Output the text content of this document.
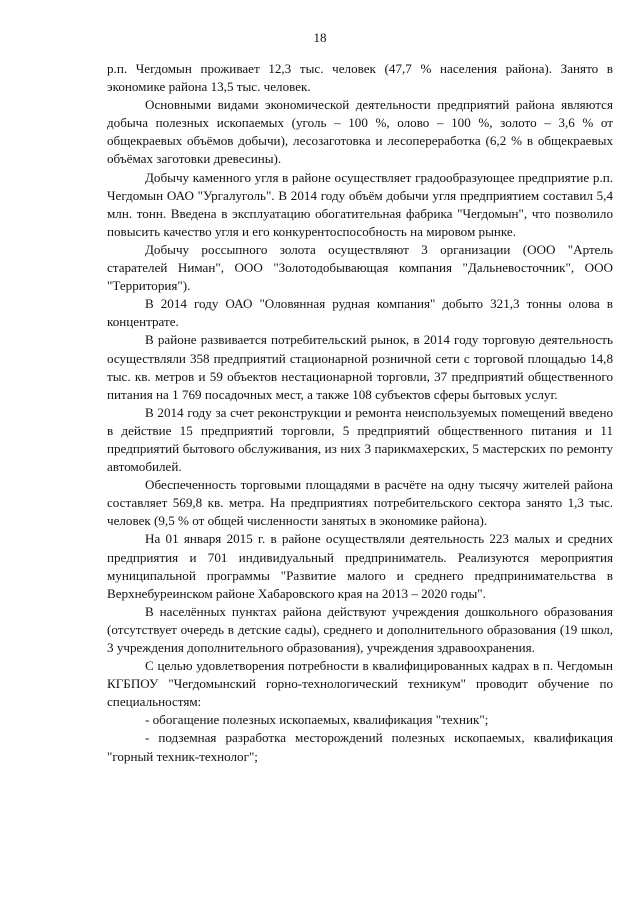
18

р.п. Чегдомын проживает 12,3 тыс. человек (47,7 % населения района). Занято в экономике района 13,5 тыс. человек.

Основными видами экономической деятельности предприятий района являются добыча полезных ископаемых (уголь – 100 %, олово – 100 %, золото – 3,6 % от общекраевых объёмов добычи), лесозаготовка и лесопереработка (6,2 % в общекраевых объёмах заготовки древесины).

Добычу каменного угля в районе осуществляет градообразующее предприятие р.п. Чегдомын ОАО "Ургалуголь". В 2014 году объём добычи угля предприятием составил 5,4 млн. тонн. Введена в эксплуатацию обогатительная фабрика "Чегдомын", что позволило повысить качество угля и его конкурентоспособность на мировом рынке.

Добычу россыпного золота осуществляют 3 организации (ООО "Артель старателей Ниман", ООО "Золотодобывающая компания "Дальневосточник", ООО "Территория").

В 2014 году ОАО "Оловянная рудная компания" добыто 321,3 тонны олова в концентрате.

В районе развивается потребительский рынок, в 2014 году торговую деятельность осуществляли 358 предприятий стационарной розничной сети с торговой площадью 14,8 тыс. кв. метров и 59 объектов нестационарной торговли, 37 предприятий общественного питания на 1 769 посадочных мест, а также 108 субъектов сферы бытовых услуг.

В 2014 году за счет реконструкции и ремонта неиспользуемых помещений введено в действие 15 предприятий торговли, 5 предприятий общественного питания и 11 предприятий бытового обслуживания, из них 3 парикмахерских, 5 мастерских по ремонту автомобилей.

Обеспеченность торговыми площадями в расчёте на одну тысячу жителей района составляет 569,8 кв. метра. На предприятиях потребительского сектора занято 1,3 тыс. человек (9,5 % от общей численности занятых в экономике района).

На 01 января 2015 г. в районе осуществляли деятельность 223 малых и средних предприятия и 701 индивидуальный предприниматель. Реализуются мероприятия муниципальной программы "Развитие малого и среднего предпринимательства в Верхнебуреинском районе Хабаровского края на 2013 – 2020 годы".

В населённых пунктах района действуют учреждения дошкольного образования (отсутствует очередь в детские сады), среднего и дополнительного образования (19 школ, 3 учреждения дополнительного образования), учреждения здравоохранения.

С целью удовлетворения потребности в квалифицированных кадрах в п. Чегдомын КГБПОУ "Чегдомынский горно-технологический техникум" проводит обучение по специальностям:

- обогащение полезных ископаемых, квалификация "техник";

- подземная разработка месторождений полезных ископаемых, квалификация "горный техник-технолог";
